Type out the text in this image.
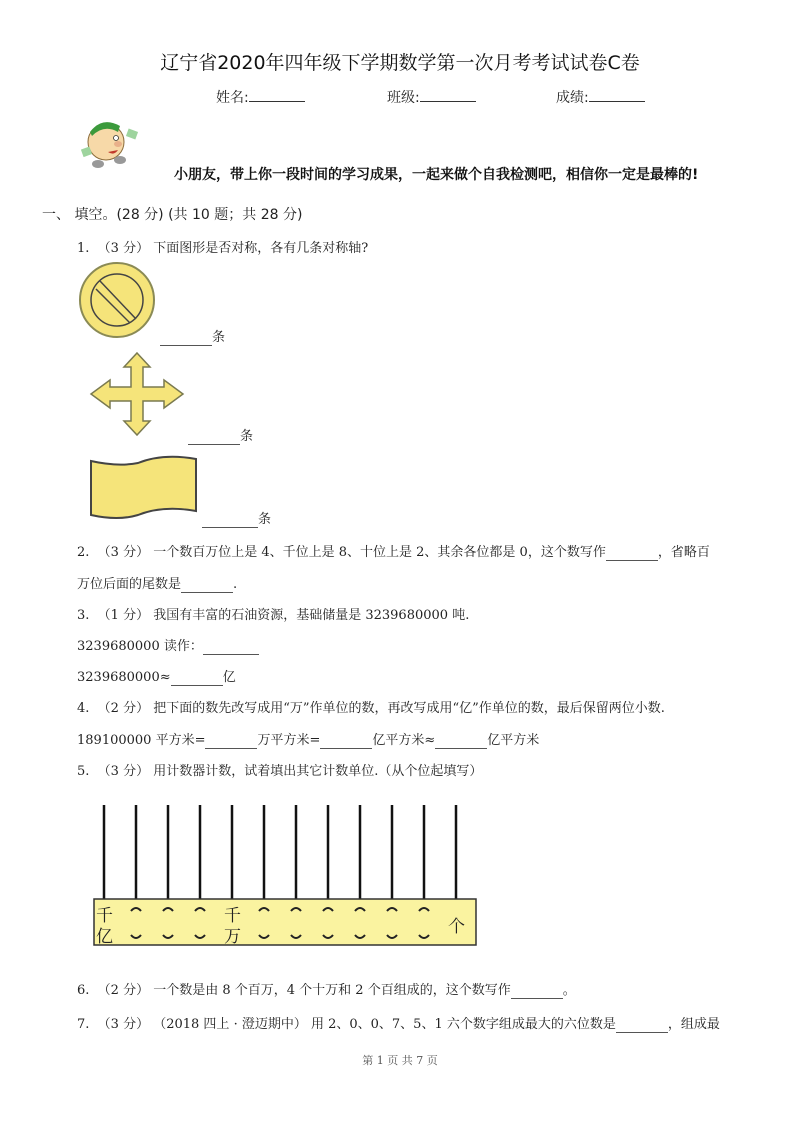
辽宁省2020年四年级下学期数学第一次月考考试试卷C卷
姓名:	班级:	成绩:
小朋友，带上你一段时间的学习成果，一起来做个自我检测吧，相信你一定是最棒的!
一、 填空。(28 分) (共 10 题；共 28 分)
1. （3 分） 下面图形是否对称，各有几条对称轴?
条
条
条
2. （3 分） 一个数百万位上是 4、千位上是 8、十位上是 2、其余各位都是 0，这个数写作	，省略百
万位后面的尾数是	.
3. （1 分） 我国有丰富的石油资源，基础储量是 3239680000 吨.
3239680000 读作：
3239680000≈	亿
4. （2 分） 把下面的数先改写成用“万”作单位的数，再改写成用“亿”作单位的数，最后保留两位小数.
189100000 平方米=	万平方米=	亿平方米≈	亿平方米
5. （3 分） 用计数器计数，试着填出其它计数单位.（从个位起填写）
千
亿
千
万	个
6. （2 分） 一个数是由 8 个百万，4 个十万和 2 个百组成的，这个数写作	。
7. （3 分） （2018 四上 · 澄迈期中） 用 2、0、0、7、5、1 六个数字组成最大的六位数是	，组成最
第 1 页 共 7 页
